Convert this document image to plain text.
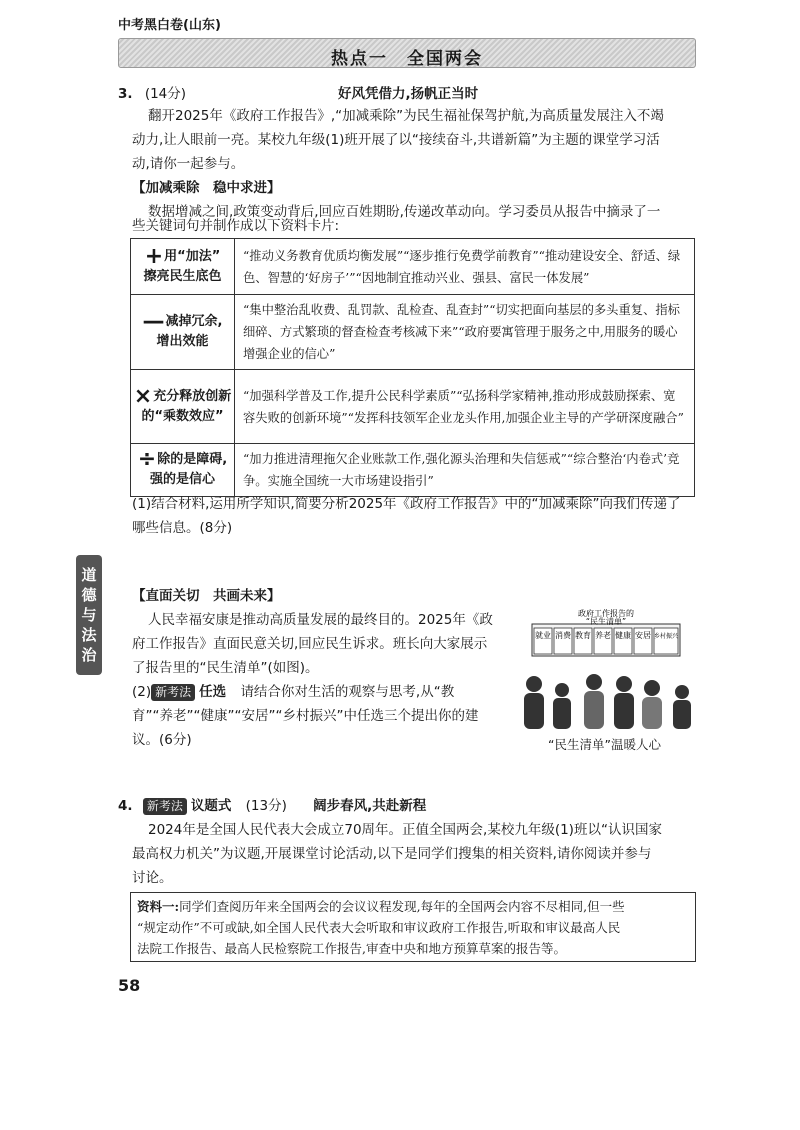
中考黑白卷(山东)
热点一　全国两会
道
德
与
法
治
3. (14分)	好风凭借力,扬帆正当时
翻开2025年《政府工作报告》,“加减乘除”为民生福祉保驾护航,为高质量发展注入不竭
动力,让人眼前一亮。某校九年级(1)班开展了以“接续奋斗,共谱新篇”为主题的课堂学习活
动,请你一起参与。
【加减乘除　稳中求进】
数据增减之间,政策变动背后,回应百姓期盼,传递改革动向。学习委员从报告中摘录了一
些关键词句并制作成以下资料卡片:
+用“加法”
擦亮民生底色	“推动义务教育优质均衡发展”“逐步推行免费学前教育”“推动建设安全、舒适、绿色、智慧的‘好房子’”“因地制宜推动兴业、强县、富民一体发展”
—减掉冗余,
增出效能	“集中整治乱收费、乱罚款、乱检查、乱查封”“切实把面向基层的多头重复、指标细碎、方式繁琐的督查检查考核减下来”“政府要寓管理于服务之中,用服务的暖心增强企业的信心”
×充分释放创新
的“乘数效应”	“加强科学普及工作,提升公民科学素质”“弘扬科学家精神,推动形成鼓励探索、宽容失败的创新环境”“发挥科技领军企业龙头作用,加强企业主导的产学研深度融合”
÷除的是障碍,
强的是信心	“加力推进清理拖欠企业账款工作,强化源头治理和失信惩戒”“综合整治‘内卷式’竞争。实施全国统一大市场建设指引”
(1)结合材料,运用所学知识,简要分析2025年《政府工作报告》中的“加减乘除”向我们传递了
哪些信息。(8分)
【直面关切　共画未来】
人民幸福安康是推动高质量发展的最终目的。2025年《政
府工作报告》直面民意关切,回应民生诉求。班长向大家展示
了报告里的“民生清单”(如图)。
(2) 新考法 任选 请结合你对生活的观察与思考,从“教
育”“养老”“健康”“安居”“乡村振兴”中任选三个提出你的建
议。(6分)
政府工作报告的
“民生清单”
就业 消费 教育 养老 健康 安居 乡村振兴
“民生清单”温暖人心
4. 新考法 议题式 (13分) 阔步春风,共赴新程
2024年是全国人民代表大会成立70周年。正值全国两会,某校九年级(1)班以“认识国家
最高权力机关”为议题,开展课堂讨论活动,以下是同学们搜集的相关资料,请你阅读并参与
讨论。
资料一:同学们查阅历年来全国两会的会议议程发现,每年的全国两会内容不尽相同,但一些
“规定动作”不可或缺,如全国人民代表大会听取和审议政府工作报告,听取和审议最高人民
法院工作报告、最高人民检察院工作报告,审查中央和地方预算草案的报告等。
58
